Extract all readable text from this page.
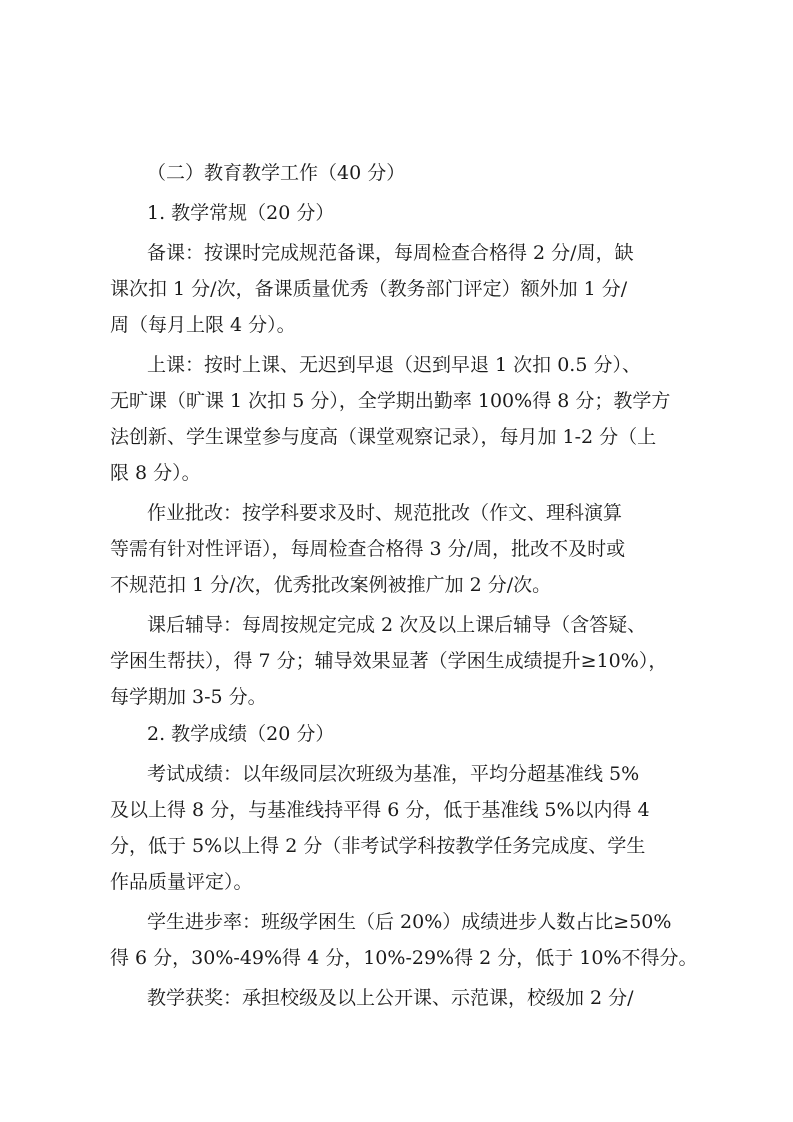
（二）教育教学工作（40 分）
1. 教学常规（20 分）
备课：按课时完成规范备课，每周检查合格得 2 分/周，缺
课次扣 1 分/次，备课质量优秀（教务部门评定）额外加 1 分/
周（每月上限 4 分）。
上课：按时上课、无迟到早退（迟到早退 1 次扣 0.5 分）、
无旷课（旷课 1 次扣 5 分），全学期出勤率 100%得 8 分；教学方
法创新、学生课堂参与度高（课堂观察记录），每月加 1-2 分（上
限 8 分）。
作业批改：按学科要求及时、规范批改（作文、理科演算
等需有针对性评语），每周检查合格得 3 分/周，批改不及时或
不规范扣 1 分/次，优秀批改案例被推广加 2 分/次。
课后辅导：每周按规定完成 2 次及以上课后辅导（含答疑、
学困生帮扶），得 7 分；辅导效果显著（学困生成绩提升≥10%），
每学期加 3-5 分。
2. 教学成绩（20 分）
考试成绩：以年级同层次班级为基准，平均分超基准线 5%
及以上得 8 分，与基准线持平得 6 分，低于基准线 5%以内得 4
分，低于 5%以上得 2 分（非考试学科按教学任务完成度、学生
作品质量评定）。
学生进步率：班级学困生（后 20%）成绩进步人数占比≥50%
得 6 分，30%-49%得 4 分，10%-29%得 2 分，低于 10%不得分。
教学获奖：承担校级及以上公开课、示范课，校级加 2 分/
